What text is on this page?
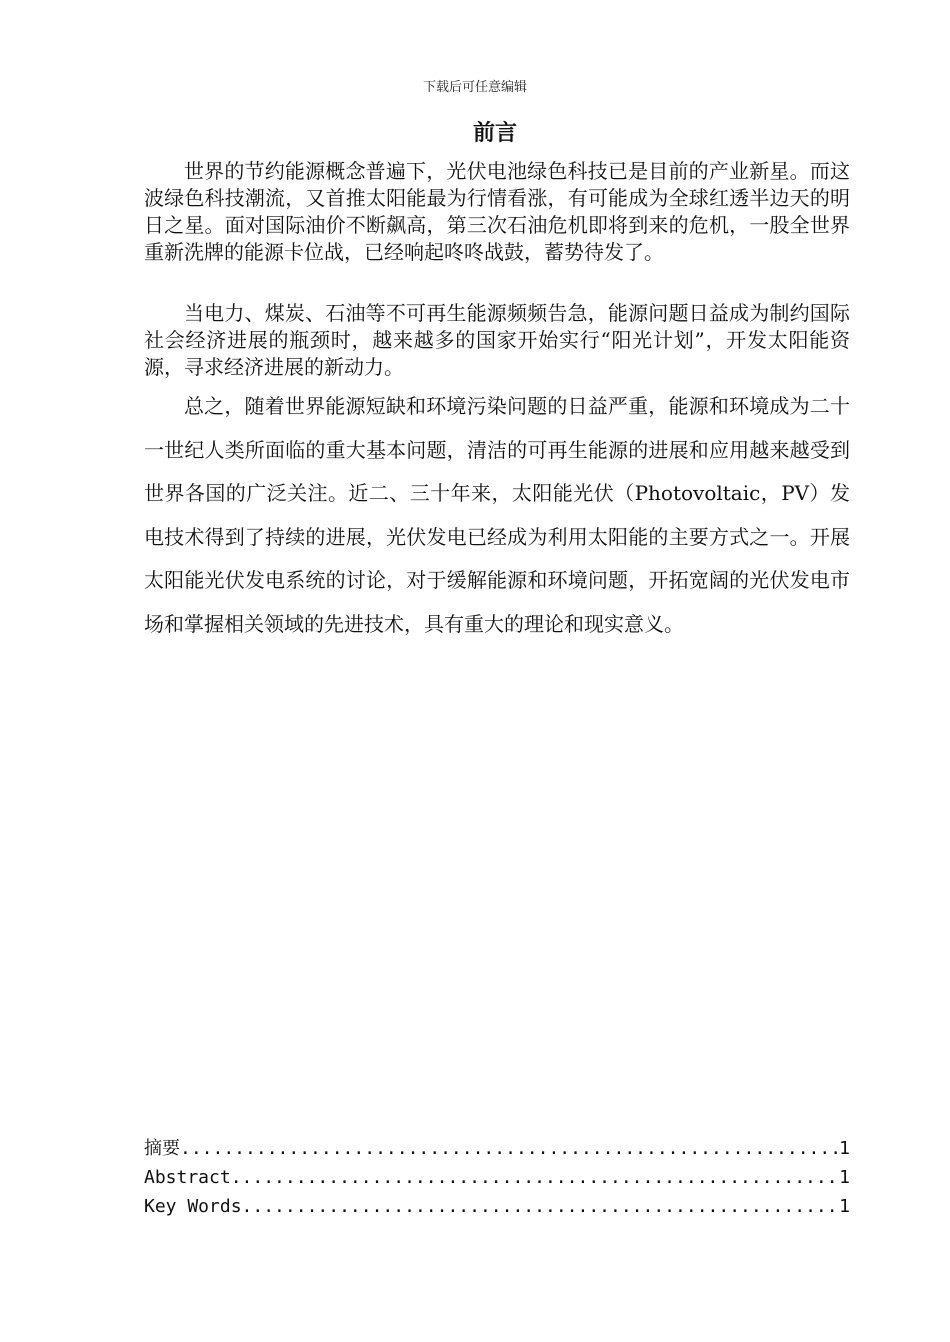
下载后可任意编辑
前言

世界的节约能源概念普遍下，光伏电池绿色科技已是目前的产业新星。而这波绿色科技潮流，又首推太阳能最为行情看涨，有可能成为全球红透半边天的明日之星。面对国际油价不断飙高，第三次石油危机即将到来的危机，一股全世界重新洗牌的能源卡位战，已经响起咚咚战鼓，蓄势待发了。

当电力、煤炭、石油等不可再生能源频频告急，能源问题日益成为制约国际社会经济进展的瓶颈时，越来越多的国家开始实行“阳光计划”，开发太阳能资源，寻求经济进展的新动力。

总之，随着世界能源短缺和环境污染问题的日益严重，能源和环境成为二十一世纪人类所面临的重大基本问题，清洁的可再生能源的进展和应用越来越受到世界各国的广泛关注。近二、三十年来，太阳能光伏（Photovoltaic，PV）发电技术得到了持续的进展，光伏发电已经成为利用太阳能的主要方式之一。开展太阳能光伏发电系统的讨论，对于缓解能源和环境问题，开拓宽阔的光伏发电市场和掌握相关领域的先进技术，具有重大的理论和现实意义。

摘要 .....	1
Abstract .....	1
Key Words .....	1
